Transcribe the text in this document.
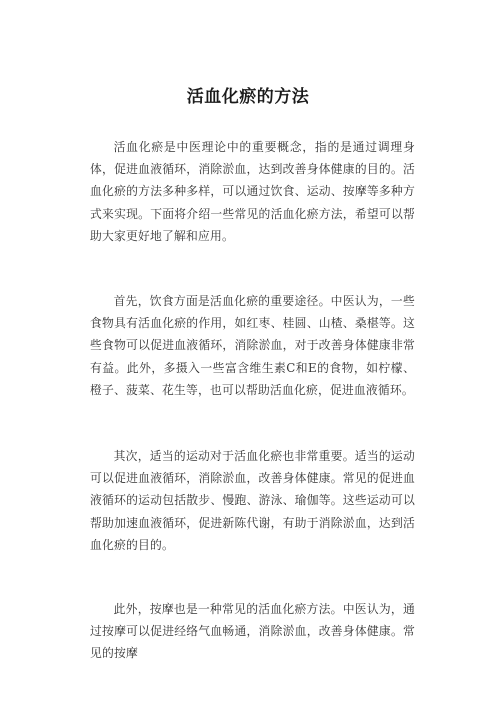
活血化瘀的方法

活血化瘀是中医理论中的重要概念，指的是通过调理身体，促进血液循环，消除淤血，达到改善身体健康的目的。活血化瘀的方法多种多样，可以通过饮食、运动、按摩等多种方式来实现。下面将介绍一些常见的活血化瘀方法，希望可以帮助大家更好地了解和应用。

首先，饮食方面是活血化瘀的重要途径。中医认为，一些食物具有活血化瘀的作用，如红枣、桂圆、山楂、桑椹等。这些食物可以促进血液循环，消除淤血，对于改善身体健康非常有益。此外，多摄入一些富含维生素C和E的食物，如柠檬、橙子、菠菜、花生等，也可以帮助活血化瘀，促进血液循环。

其次，适当的运动对于活血化瘀也非常重要。适当的运动可以促进血液循环，消除淤血，改善身体健康。常见的促进血液循环的运动包括散步、慢跑、游泳、瑜伽等。这些运动可以帮助加速血液循环，促进新陈代谢，有助于消除淤血，达到活血化瘀的目的。

此外，按摩也是一种常见的活血化瘀方法。中医认为，通过按摩可以促进经络气血畅通，消除淤血，改善身体健康。常见的按摩
